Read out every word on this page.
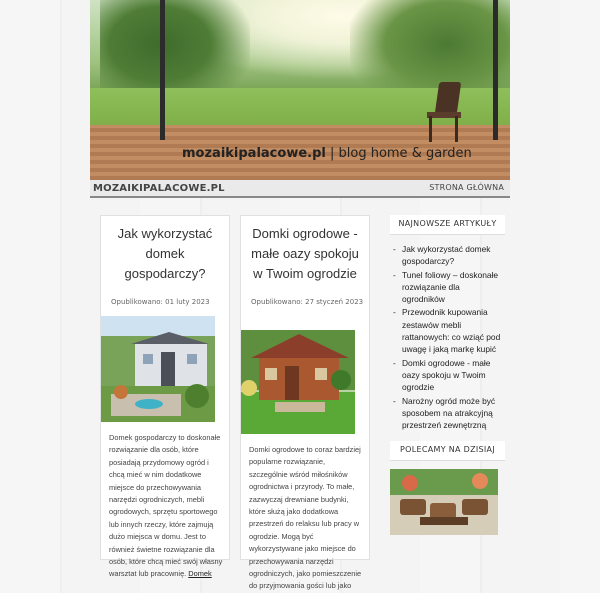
mozaikipalacowe.pl | blog home & garden
MOZAIKIPALACOWE.PL	STRONA GŁÓWNA
Jak wykorzystać domek gospodarczy?
Opublikowano: 01 luty 2023

Domek gospodarczy to doskonałe rozwiązanie dla osób, które posiadają przydomowy ogród i chcą mieć w nim dodatkowe miejsce do przechowywania narzędzi ogrodniczych, mebli ogrodowych, sprzętu sportowego lub innych rzeczy, które zajmują dużo miejsca w domu. Jest to również świetne rozwiązanie dla osób, które chcą mieć swój własny warsztat lub pracownię. Domek

Domki ogrodowe - małe oazy spokoju w Twoim ogrodzie
Opublikowano: 27 styczeń 2023

Domki ogrodowe to coraz bardziej popularne rozwiązanie, szczególnie wśród miłośników ogrodnictwa i przyrody. To małe, zazwyczaj drewniane budynki, które służą jako dodatkowa przestrzeń do relaksu lub pracy w ogrodzie. Mogą być wykorzystywane jako miejsce do przechowywania narzędzi ogrodniczych, jako pomieszczenie do przyjmowania gości lub jako

NAJNOWSZE ARTYKUŁY
- Jak wykorzystać domek gospodarczy?
- Tunel foliowy – doskonałe rozwiązanie dla ogrodników
- Przewodnik kupowania zestawów mebli rattanowych: co wziąć pod uwagę i jaką markę kupić
- Domki ogrodowe - małe oazy spokoju w Twoim ogrodzie
- Narożny ogród może być sposobem na atrakcyjną przestrzeń zewnętrzną
POLECAMY NA DZISIAJ
